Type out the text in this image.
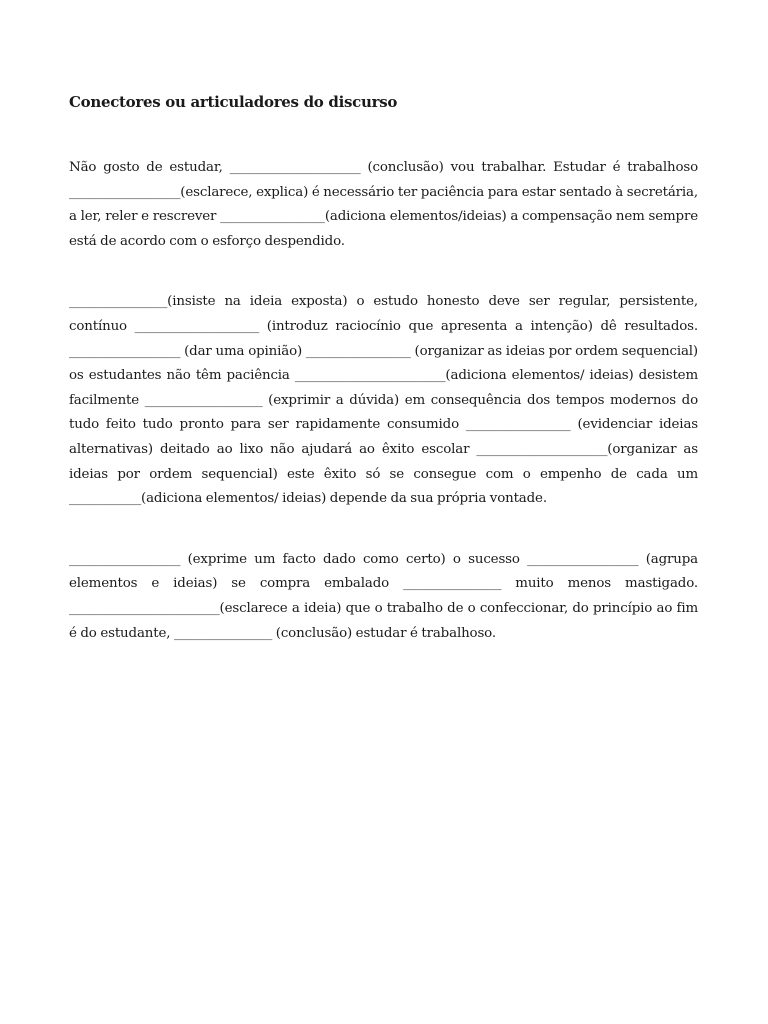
Conectores ou articuladores do discurso

Não gosto de estudar, ____________________ (conclusão) vou trabalhar. Estudar é trabalhoso _________________(esclarece, explica) é necessário ter paciência para estar sentado à secretária, a ler, reler e rescrever ________________(adiciona elementos/ideias) a compensação nem sempre está de acordo com o esforço despendido.

_______________(insiste na ideia exposta) o estudo honesto deve ser regular, persistente, contínuo ___________________ (introduz raciocínio que apresenta a intenção) dê resultados. _________________ (dar uma opinião) ________________ (organizar as ideias por ordem sequencial) os estudantes não têm paciência _______________________(adiciona elementos/ ideias) desistem facilmente __________________ (exprimir a dúvida) em consequência dos tempos modernos do tudo feito tudo pronto para ser rapidamente consumido ________________ (evidenciar ideias alternativas) deitado ao lixo não ajudará ao êxito escolar ____________________(organizar as ideias por ordem sequencial) este êxito só se consegue com o empenho de cada um ___________(adiciona elementos/ ideias) depende da sua própria vontade.

_________________ (exprime um facto dado como certo) o sucesso _________________ (agrupa elementos e ideias) se compra embalado _______________ muito menos mastigado. _______________________(esclarece a ideia) que o trabalho de o confeccionar, do princípio ao fim é do estudante, _______________ (conclusão) estudar é trabalhoso.
